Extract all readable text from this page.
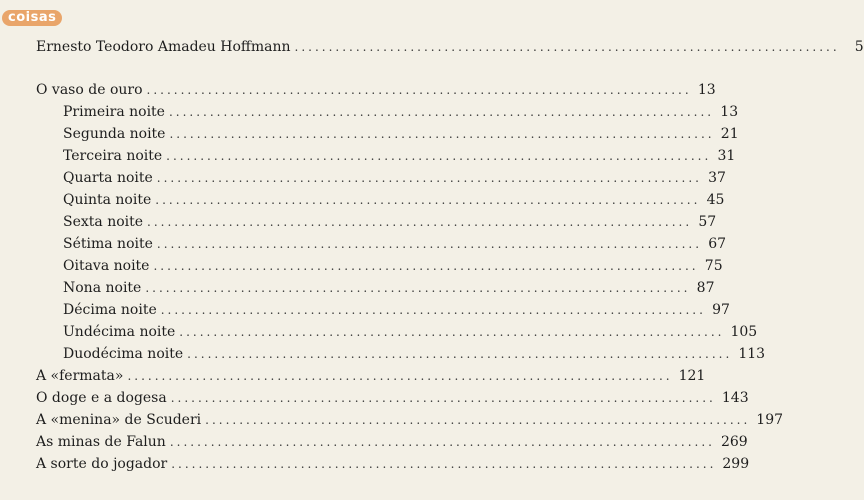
coisas
Ernesto Teodoro Amadeu Hoffmann ................................................................................	5
O vaso de ouro ................................................................................ 13
Primeira noite ................................................................................ 13
Segunda noite ................................................................................ 21
Terceira noite ................................................................................ 31
Quarta noite ................................................................................ 37
Quinta noite ................................................................................ 45
Sexta noite ................................................................................ 57
Sétima noite ................................................................................ 67
Oitava noite ................................................................................ 75
Nona noite ................................................................................ 87
Décima noite ................................................................................ 97
Undécima noite ................................................................................ 105
Duodécima noite ................................................................................ 113
A «fermata» ................................................................................ 121
O doge e a dogesa ................................................................................ 143
A «menina» de Scuderi ................................................................................ 197
As minas de Falun ................................................................................ 269
A sorte do jogador ................................................................................ 299
